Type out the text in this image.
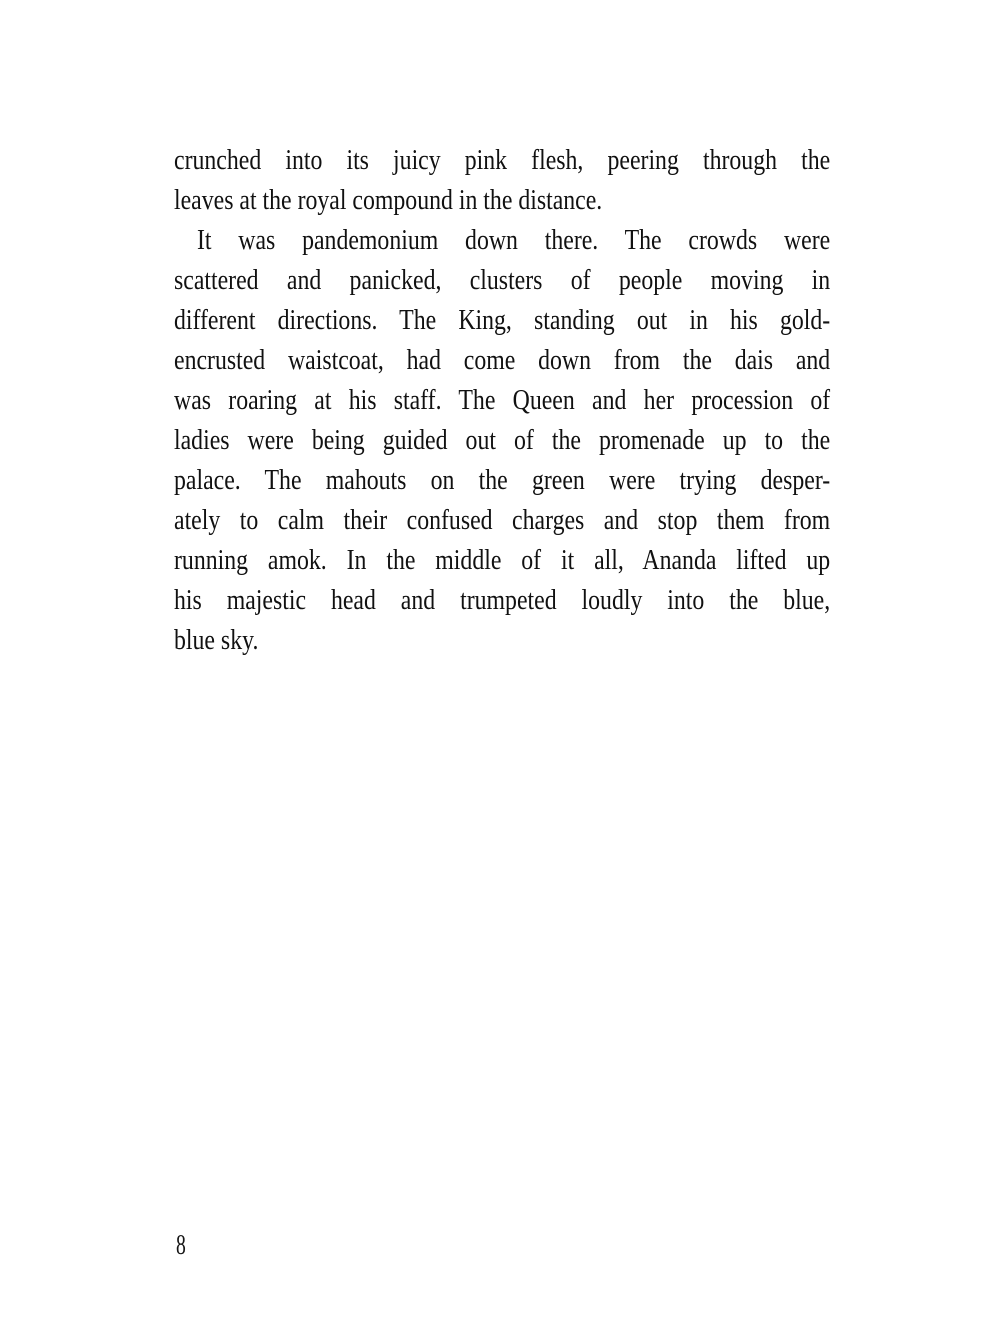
crunched into its juicy pink flesh, peering through the
leaves at the royal compound in the distance.
It was pandemonium down there. The crowds were
scattered and panicked, clusters of people moving in
different directions. The King, standing out in his gold-
encrusted waistcoat, had come down from the dais and
was roaring at his staff. The Queen and her procession of
ladies were being guided out of the promenade up to the
palace. The mahouts on the green were trying desper-
ately to calm their confused charges and stop them from
running amok. In the middle of it all, Ananda lifted up
his majestic head and trumpeted loudly into the blue,
blue sky.
8
